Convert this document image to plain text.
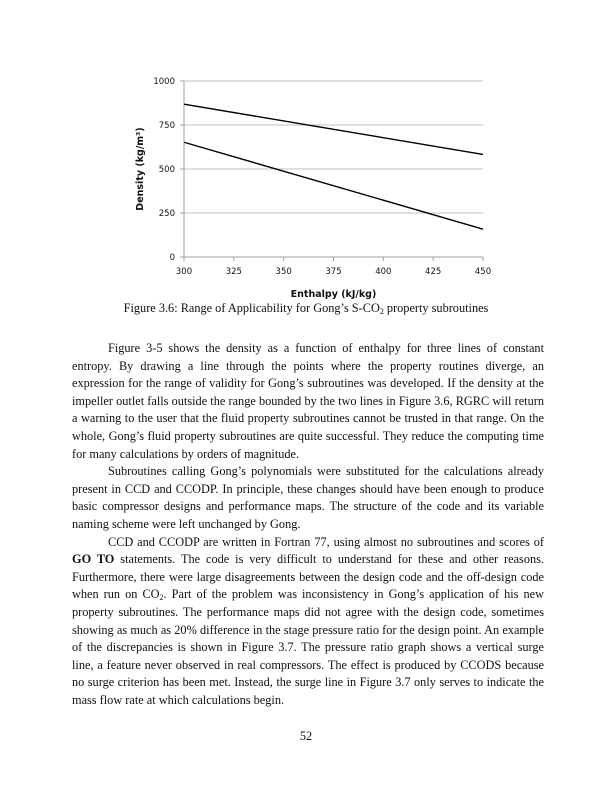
0
250
500
750
1000
300	325	350	375	400	425	450
Enthalpy (kJ/kg)
Density (kg/m³)
Figure 3.6: Range of Applicability for Gong’s $S-CO_2$ property subroutines

Figure 3-5 shows the density as a function of enthalpy for three lines of constant entropy. By drawing a line through the points where the property routines diverge, an expression for the range of validity for Gong’s subroutines was developed. If the density at the impeller outlet falls outside the range bounded by the two lines in Figure 3.6, RGRC will return a warning to the user that the fluid property subroutines cannot be trusted in that range. On the whole, Gong’s fluid property subroutines are quite successful. They reduce the computing time for many calculations by orders of magnitude.

Subroutines calling Gong’s polynomials were substituted for the calculations already present in CCD and CCODP. In principle, these changes should have been enough to produce basic compressor designs and performance maps. The structure of the code and its variable naming scheme were left unchanged by Gong.

CCD and CCODP are written in Fortran 77, using almost no subroutines and scores of GO TO statements. The code is very difficult to understand for these and other reasons. Furthermore, there were large disagreements between the design code and the off-design code when run on $CO_2$. Part of the problem was inconsistency in Gong’s application of his new property subroutines. The performance maps did not agree with the design code, sometimes showing as much as 20% difference in the stage pressure ratio for the design point. An example of the discrepancies is shown in Figure 3.7. The pressure ratio graph shows a vertical surge line, a feature never observed in real compressors. The effect is produced by CCODS because no surge criterion has been met. Instead, the surge line in Figure 3.7 only serves to indicate the mass flow rate at which calculations begin.

52
